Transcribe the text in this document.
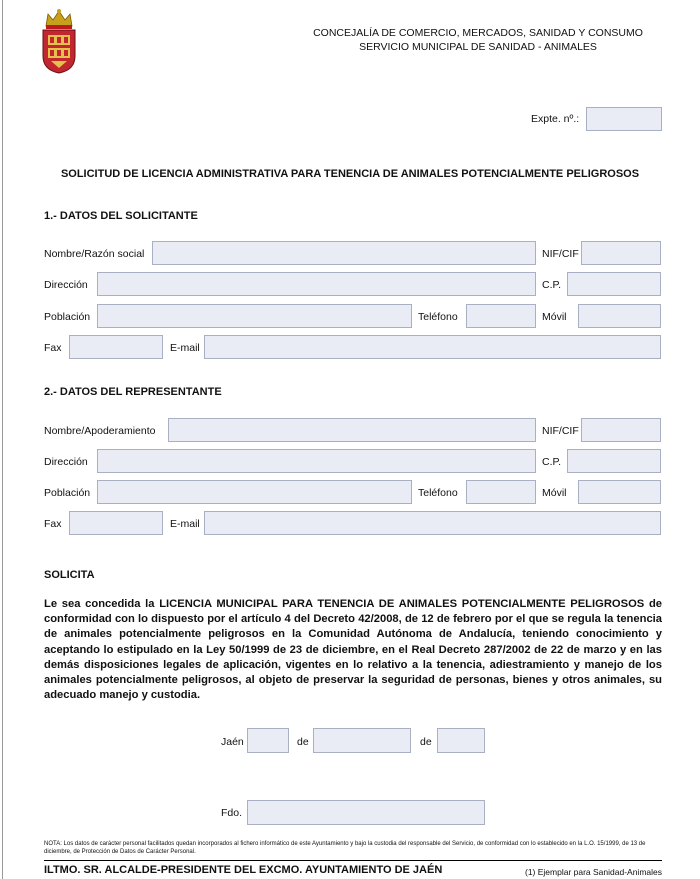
CONCEJALÍA DE COMERCIO, MERCADOS, SANIDAD Y CONSUMO
SERVICIO MUNICIPAL DE SANIDAD - ANIMALES
Expte. nº.:
SOLICITUD DE LICENCIA ADMINISTRATIVA PARA TENENCIA DE ANIMALES POTENCIALMENTE PELIGROSOS
1.- DATOS DEL SOLICITANTE
Nombre/Razón social	NIF/CIF
Dirección	C.P.
Población	Teléfono	Móvil
Fax	E-mail
2.- DATOS DEL REPRESENTANTE
Nombre/Apoderamiento	NIF/CIF
Dirección	C.P.
Población	Teléfono	Móvil
Fax	E-mail
SOLICITA
Le sea concedida la LICENCIA MUNICIPAL PARA TENENCIA DE ANIMALES POTENCIALMENTE PELIGROSOS de conformidad con lo dispuesto por el artículo 4 del Decreto 42/2008, de 12 de febrero por el que se regula la tenencia de animales potencialmente peligrosos en la Comunidad Autónoma de Andalucía, teniendo conocimiento y aceptando lo estipulado en la Ley 50/1999 de 23 de diciembre, en el Real Decreto 287/2002 de 22 de marzo y en las demás disposiciones legales de aplicación, vigentes en lo relativo a la tenencia, adiestramiento y manejo de los animales potencialmente peligrosos, al objeto de preservar la seguridad de personas, bienes y otros animales, su adecuado manejo y custodia.
Jaén	de	de
Fdo.
NOTA: Los datos de carácter personal facilitados quedan incorporados al fichero informático de este Ayuntamiento y bajo la custodia del responsable del Servicio, de conformidad con lo establecido en la L.O. 15/1999, de 13 de diciembre, de Protección de Datos de Carácter Personal.
ILTMO. SR. ALCALDE-PRESIDENTE DEL EXCMO. AYUNTAMIENTO DE JAÉN	(1) Ejemplar para Sanidad-Animales
